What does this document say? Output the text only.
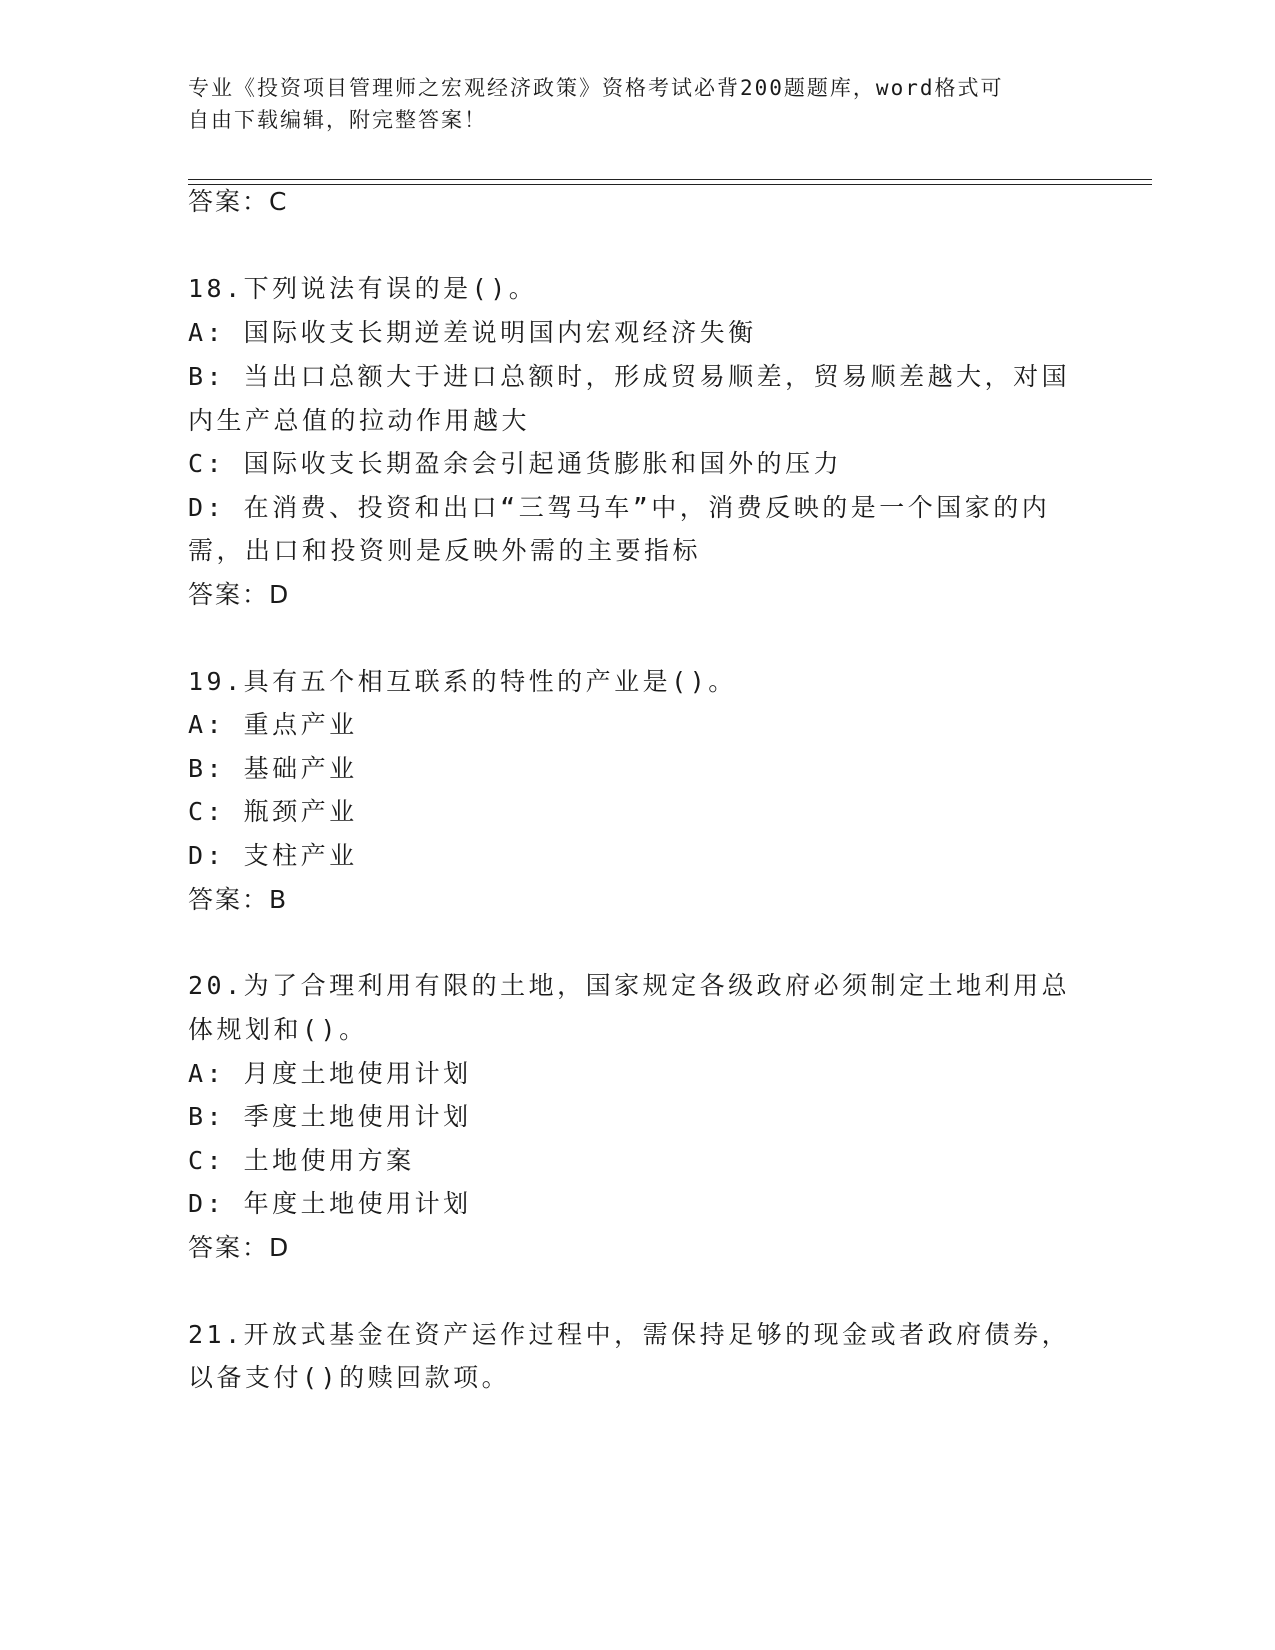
专业《投资项目管理师之宏观经济政策》资格考试必背200题题库，word格式可
自由下载编辑，附完整答案！
答案：C
18.下列说法有误的是()。
A: 国际收支长期逆差说明国内宏观经济失衡
B: 当出口总额大于进口总额时，形成贸易顺差，贸易顺差越大，对国
内生产总值的拉动作用越大
C: 国际收支长期盈余会引起通货膨胀和国外的压力
D: 在消费、投资和出口“三驾马车”中，消费反映的是一个国家的内
需，出口和投资则是反映外需的主要指标
答案：D
19.具有五个相互联系的特性的产业是()。
A: 重点产业
B: 基础产业
C: 瓶颈产业
D: 支柱产业
答案：B
20.为了合理利用有限的土地，国家规定各级政府必须制定土地利用总
体规划和()。
A: 月度土地使用计划
B: 季度土地使用计划
C: 土地使用方案
D: 年度土地使用计划
答案：D
21.开放式基金在资产运作过程中，需保持足够的现金或者政府债券，
以备支付()的赎回款项。
